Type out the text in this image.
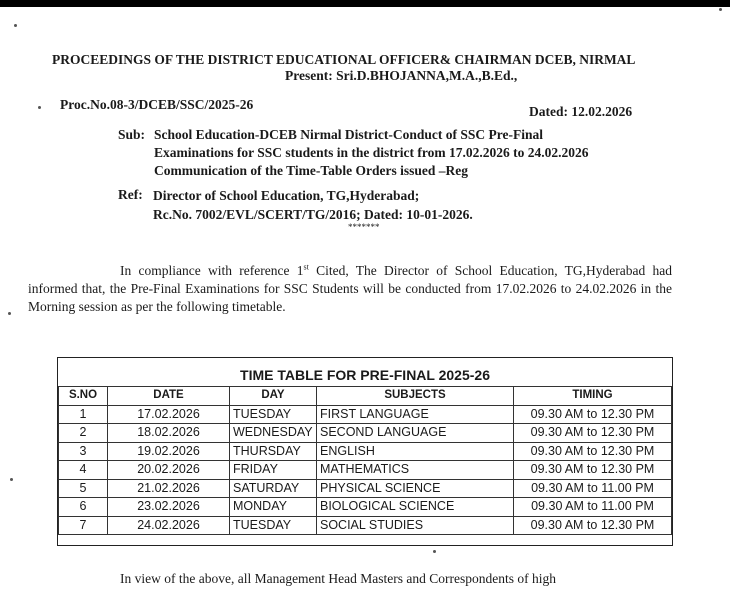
PROCEEDINGS OF THE DISTRICT EDUCATIONAL OFFICER& CHAIRMAN DCEB, NIRMAL
Present: Sri.D.BHOJANNA,M.A.,B.Ed.,
Proc.No.08-3/DCEB/SSC/2025-26	Dated: 12.02.2026
Sub: School Education-DCEB Nirmal District-Conduct of SSC Pre-Final
Examinations for SSC students in the district from 17.02.2026 to 24.02.2026
Communication of the Time-Table Orders issued –Reg
Ref: Director of School Education, TG,Hyderabad;
Rc.No. 7002/EVL/SCERT/TG/2016; Dated: 10-01-2026.
*******
In compliance with reference 1st Cited, The Director of School Education, TG,Hyderabad had informed that, the Pre-Final Examinations for SSC Students will be conducted from 17.02.2026 to 24.02.2026 in the Morning session as per the following timetable.
TIME TABLE FOR PRE-FINAL 2025-26
S.NO	DATE	DAY	SUBJECTS	TIMING
1	17.02.2026	TUESDAY	FIRST LANGUAGE	09.30 AM to 12.30 PM
2	18.02.2026	WEDNESDAY	SECOND LANGUAGE	09.30 AM to 12.30 PM
3	19.02.2026	THURSDAY	ENGLISH	09.30 AM to 12.30 PM
4	20.02.2026	FRIDAY	MATHEMATICS	09.30 AM to 12.30 PM
5	21.02.2026	SATURDAY	PHYSICAL SCIENCE	09.30 AM to 11.00 PM
6	23.02.2026	MONDAY	BIOLOGICAL SCIENCE	09.30 AM to 11.00 PM
7	24.02.2026	TUESDAY	SOCIAL STUDIES	09.30 AM to 12.30 PM
In view of the above, all Management Head Masters and Correspondents of high
